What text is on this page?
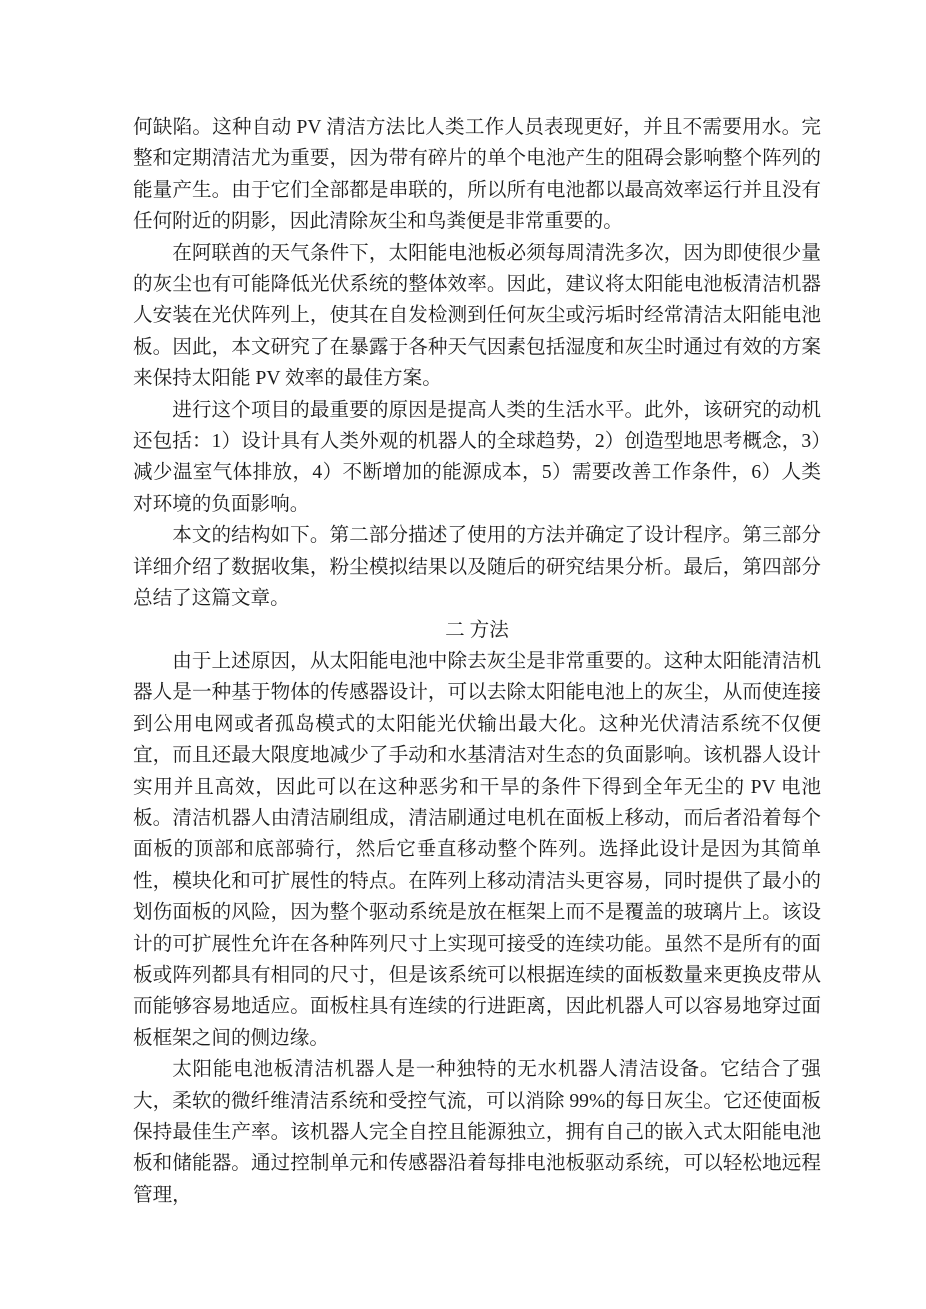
何缺陷。这种自动 PV 清洁方法比人类工作人员表现更好，并且不需要用水。完整和定期清洁尤为重要，因为带有碎片的单个电池产生的阻碍会影响整个阵列的能量产生。由于它们全部都是串联的，所以所有电池都以最高效率运行并且没有任何附近的阴影，因此清除灰尘和鸟粪便是非常重要的。

在阿联酋的天气条件下，太阳能电池板必须每周清洗多次，因为即使很少量的灰尘也有可能降低光伏系统的整体效率。因此，建议将太阳能电池板清洁机器人安装在光伏阵列上，使其在自发检测到任何灰尘或污垢时经常清洁太阳能电池板。因此，本文研究了在暴露于各种天气因素包括湿度和灰尘时通过有效的方案来保持太阳能 PV 效率的最佳方案。

进行这个项目的最重要的原因是提高人类的生活水平。此外，该研究的动机还包括：1）设计具有人类外观的机器人的全球趋势，2）创造型地思考概念，3）减少温室气体排放，4）不断增加的能源成本，5）需要改善工作条件，6）人类对环境的负面影响。

本文的结构如下。第二部分描述了使用的方法并确定了设计程序。第三部分详细介绍了数据收集，粉尘模拟结果以及随后的研究结果分析。最后，第四部分总结了这篇文章。

二 方法

由于上述原因，从太阳能电池中除去灰尘是非常重要的。这种太阳能清洁机器人是一种基于物体的传感器设计，可以去除太阳能电池上的灰尘，从而使连接到公用电网或者孤岛模式的太阳能光伏输出最大化。这种光伏清洁系统不仅便宜，而且还最大限度地减少了手动和水基清洁对生态的负面影响。该机器人设计实用并且高效，因此可以在这种恶劣和干旱的条件下得到全年无尘的 PV 电池板。清洁机器人由清洁刷组成，清洁刷通过电机在面板上移动，而后者沿着每个面板的顶部和底部骑行，然后它垂直移动整个阵列。选择此设计是因为其简单性，模块化和可扩展性的特点。在阵列上移动清洁头更容易，同时提供了最小的划伤面板的风险，因为整个驱动系统是放在框架上而不是覆盖的玻璃片上。该设计的可扩展性允许在各种阵列尺寸上实现可接受的连续功能。虽然不是所有的面板或阵列都具有相同的尺寸，但是该系统可以根据连续的面板数量来更换皮带从而能够容易地适应。面板柱具有连续的行进距离，因此机器人可以容易地穿过面板框架之间的侧边缘。

太阳能电池板清洁机器人是一种独特的无水机器人清洁设备。它结合了强大，柔软的微纤维清洁系统和受控气流，可以消除 99%的每日灰尘。它还使面板保持最佳生产率。该机器人完全自控且能源独立，拥有自己的嵌入式太阳能电池板和储能器。通过控制单元和传感器沿着每排电池板驱动系统，可以轻松地远程管理，
